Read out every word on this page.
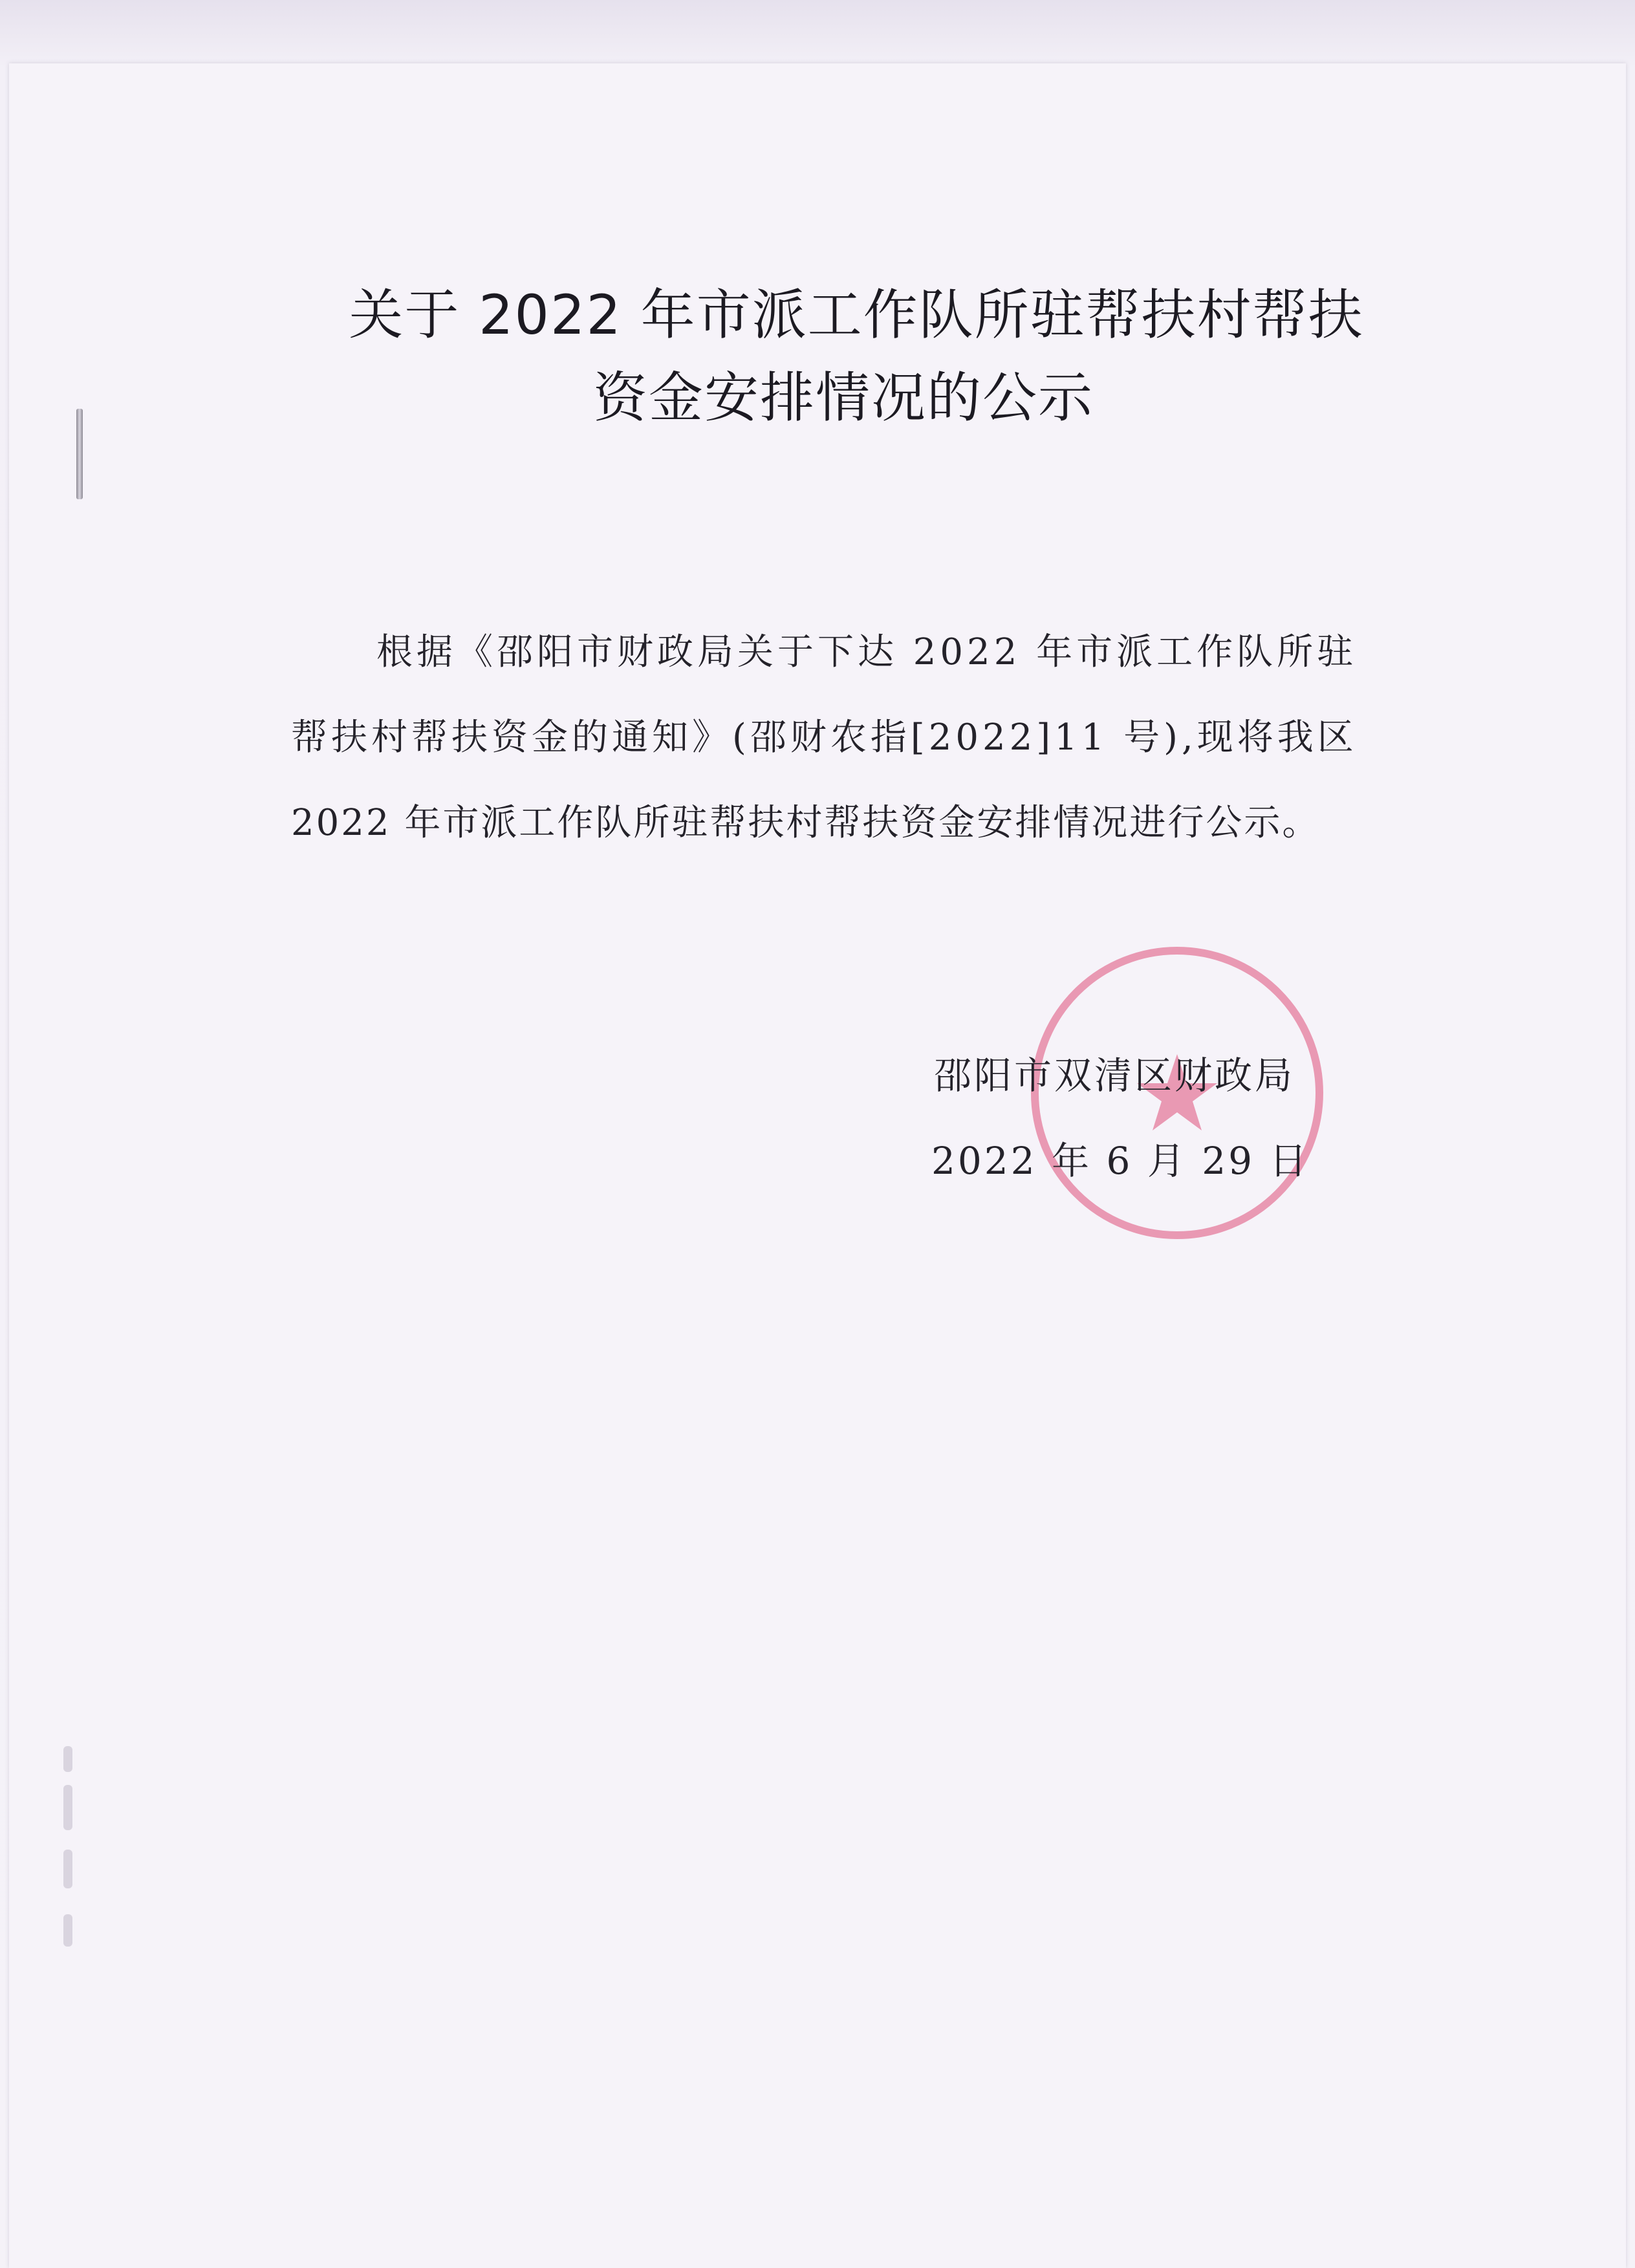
关于 2022 年市派工作队所驻帮扶村帮扶
资金安排情况的公示
根据《邵阳市财政局关于下达 2022 年市派工作队所驻
帮扶村帮扶资金的通知》(邵财农指[2022]11 号),现将我区
2022 年市派工作队所驻帮扶村帮扶资金安排情况进行公示。
邵阳市双清区财政局
2022 年 6 月 29 日
